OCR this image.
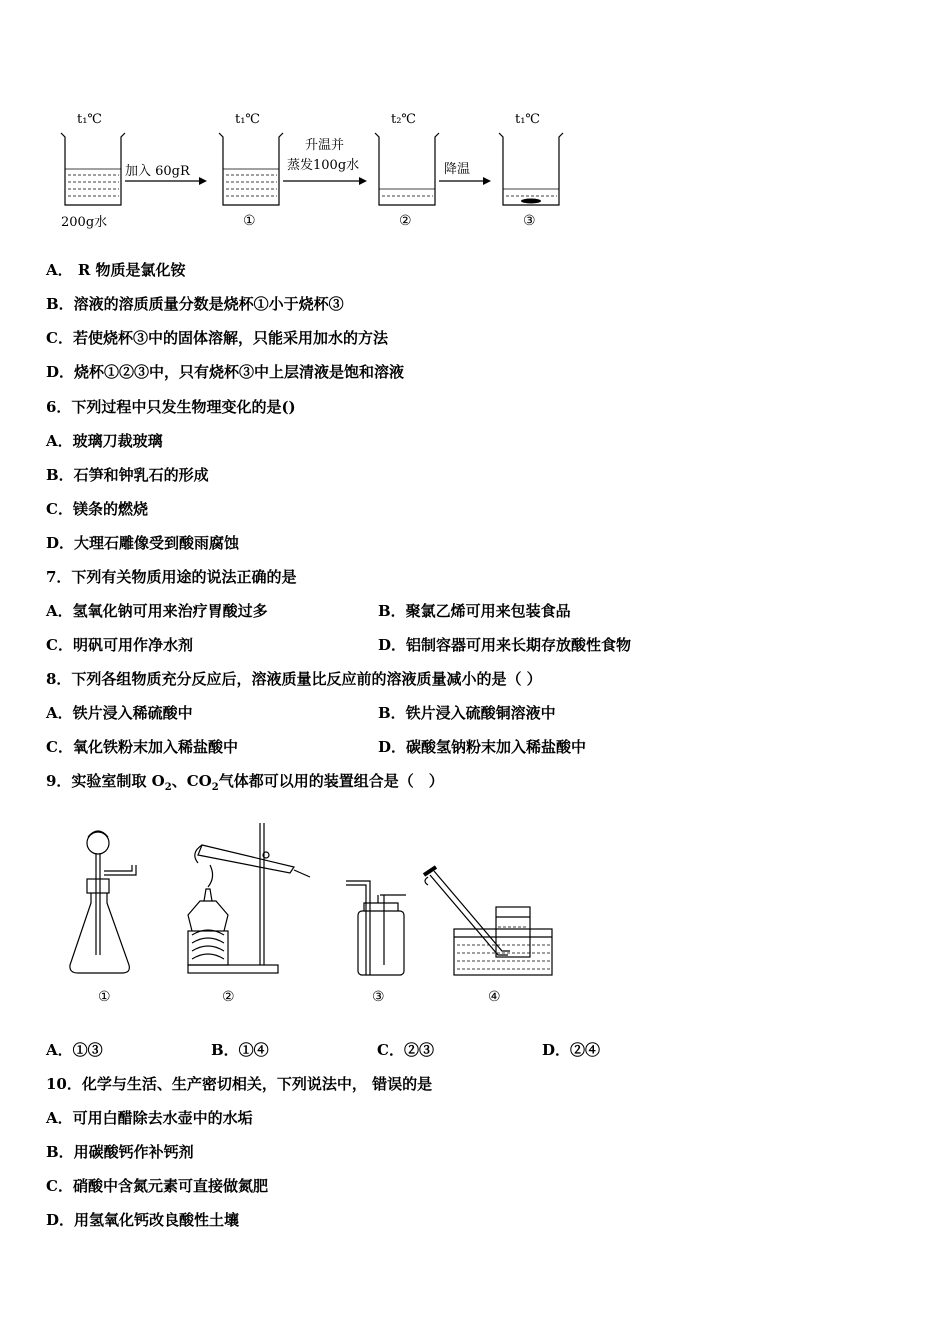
t₁℃	t₁℃	t₂℃	t₁℃
200g水
加入 60gR
升温并
蒸发100g水	降温
①	②	③
A． R 物质是氯化铵
B．溶液的溶质质量分数是烧杯①小于烧杯③
C．若使烧杯③中的固体溶解，只能采用加水的方法
D．烧杯①②③中，只有烧杯③中上层清液是饱和溶液
6．下列过程中只发生物理变化的是()
A．玻璃刀裁玻璃
B．石笋和钟乳石的形成
C．镁条的燃烧
D．大理石雕像受到酸雨腐蚀
7．下列有关物质用途的说法正确的是
A．氢氧化钠可用来治疗胃酸过多	B．聚氯乙烯可用来包装食品
C．明矾可用作净水剂	D．铝制容器可用来长期存放酸性食物
8．下列各组物质充分反应后，溶液质量比反应前的溶液质量减小的是（ ）
A．铁片浸入稀硫酸中	B．铁片浸入硫酸铜溶液中
C．氧化铁粉末加入稀盐酸中	D．碳酸氢钠粉末加入稀盐酸中
9．实验室制取 $O_2$、$CO_2$气体都可以用的装置组合是（　）
①	②	③	④
A．①③	B．①④	C．②③	D．②④
10．化学与生活、生产密切相关，下列说法中， 错误的是
A．可用白醋除去水壶中的水垢
B．用碳酸钙作补钙剂
C．硝酸中含氮元素可直接做氮肥
D．用氢氧化钙改良酸性土壤
